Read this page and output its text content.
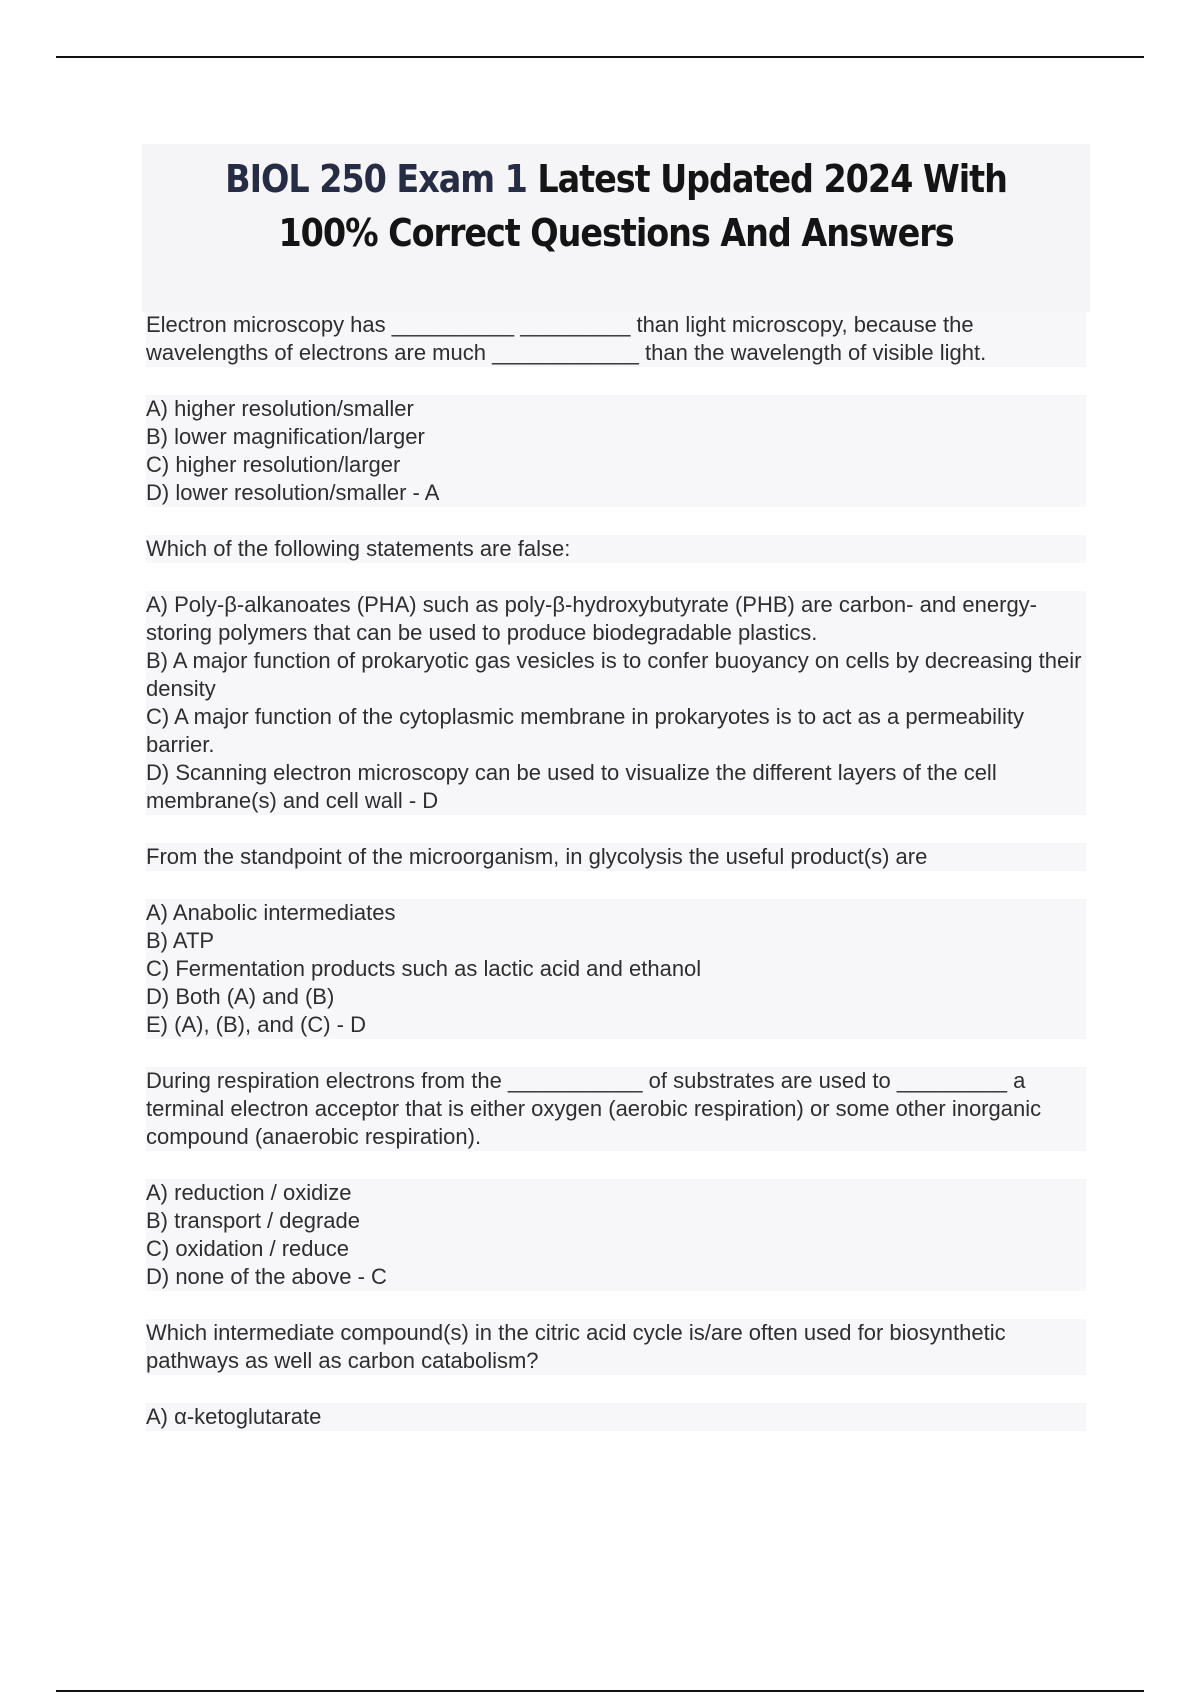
BIOL 250 Exam 1 Latest Updated 2024 With 100% Correct Questions And Answers

Electron microscopy has __________ _________ than light microscopy, because the wavelengths of electrons are much ____________ than the wavelength of visible light.

A) higher resolution/smaller
B) lower magnification/larger
C) higher resolution/larger
D) lower resolution/smaller - A

Which of the following statements are false:

A) Poly-β-alkanoates (PHA) such as poly-β-hydroxybutyrate (PHB) are carbon- and energy-storing polymers that can be used to produce biodegradable plastics.
B) A major function of prokaryotic gas vesicles is to confer buoyancy on cells by decreasing their density
C) A major function of the cytoplasmic membrane in prokaryotes is to act as a permeability barrier.
D) Scanning electron microscopy can be used to visualize the different layers of the cell membrane(s) and cell wall - D

From the standpoint of the microorganism, in glycolysis the useful product(s) are

A) Anabolic intermediates
B) ATP
C) Fermentation products such as lactic acid and ethanol
D) Both (A) and (B)
E) (A), (B), and (C) - D

During respiration electrons from the ___________ of substrates are used to _________ a terminal electron acceptor that is either oxygen (aerobic respiration) or some other inorganic compound (anaerobic respiration).

A) reduction / oxidize
B) transport / degrade
C) oxidation / reduce
D) none of the above - C

Which intermediate compound(s) in the citric acid cycle is/are often used for biosynthetic pathways as well as carbon catabolism?

A) α-ketoglutarate
